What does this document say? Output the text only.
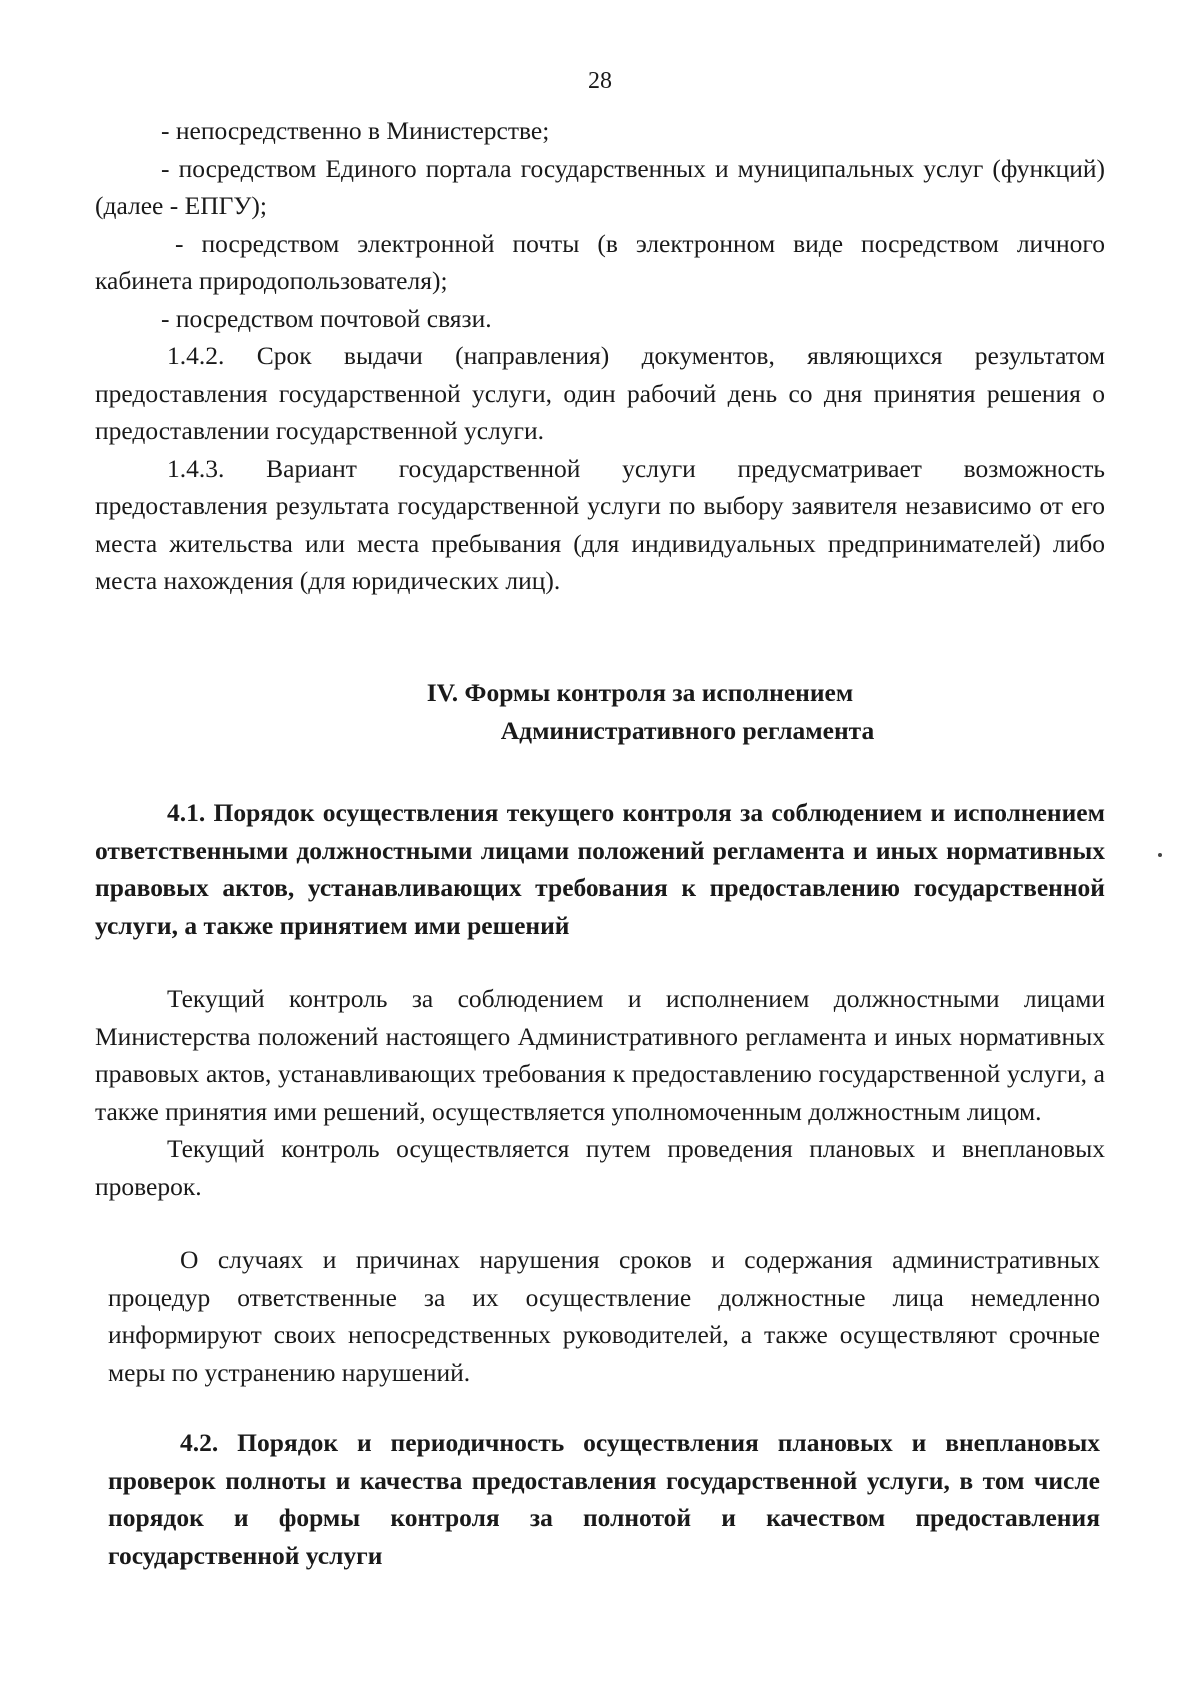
28

- непосредственно в Министерстве;

- посредством Единого портала государственных и муниципальных услуг (функций) (далее - ЕПГУ);

- посредством электронной почты (в электронном виде посредством личного кабинета природопользователя);

- посредством почтовой связи.

1.4.2. Срок выдачи (направления) документов, являющихся результатом предоставления государственной услуги, один рабочий день со дня принятия решения о предоставлении государственной услуги.

1.4.3. Вариант государственной услуги предусматривает возможность предоставления результата государственной услуги по выбору заявителя независимо от его места жительства или места пребывания (для индивидуальных предпринимателей) либо места нахождения (для юридических лиц).

IV. Формы контроля за исполнением
Административного регламента

4.1. Порядок осуществления текущего контроля за соблюдением и исполнением ответственными должностными лицами положений регламента и иных нормативных правовых актов, устанавливающих требования к предоставлению государственной услуги, а также принятием ими решений

Текущий контроль за соблюдением и исполнением должностными лицами Министерства положений настоящего Административного регламента и иных нормативных правовых актов, устанавливающих требования к предоставлению государственной услуги, а также принятия ими решений, осуществляется уполномоченным должностным лицом.

Текущий контроль осуществляется путем проведения плановых и внеплановых проверок.

О случаях и причинах нарушения сроков и содержания административных процедур ответственные за их осуществление должностные лица немедленно информируют своих непосредственных руководителей, а также осуществляют срочные меры по устранению нарушений.

4.2. Порядок и периодичность осуществления плановых и внеплановых проверок полноты и качества предоставления государственной услуги, в том числе порядок и формы контроля за полнотой и качеством предоставления государственной услуги
